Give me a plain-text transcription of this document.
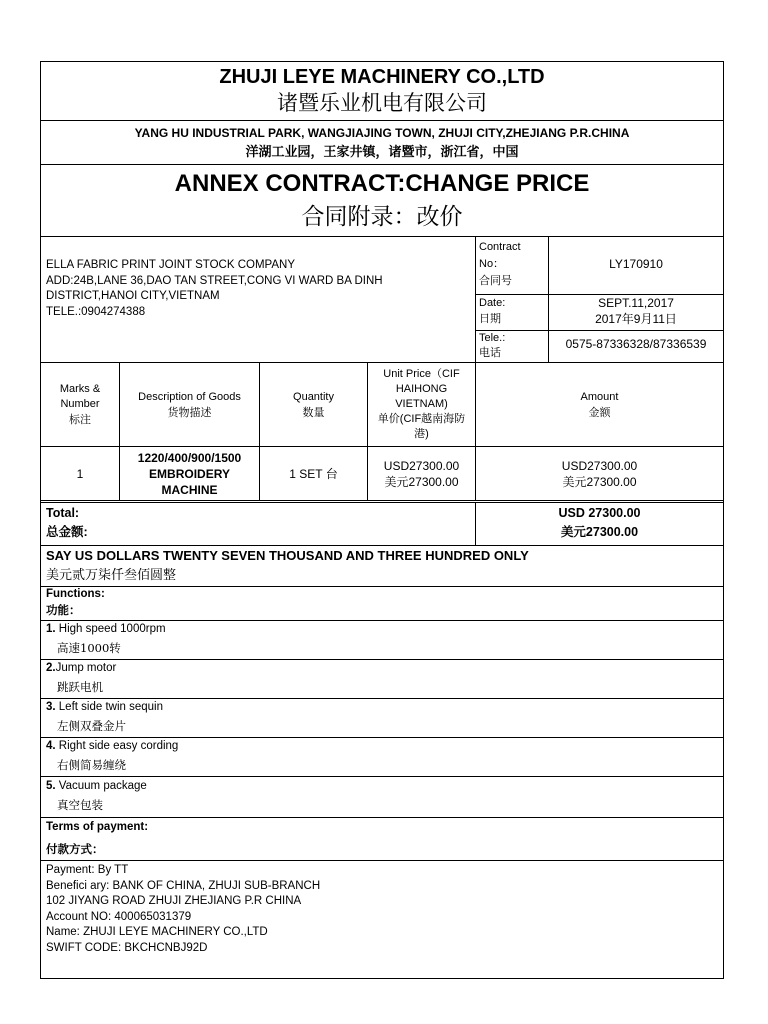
ZHUJI LEYE MACHINERY CO.,LTD
诸暨乐业机电有限公司
YANG HU INDUSTRIAL PARK, WANGJIAJING TOWN, ZHUJI CITY,ZHEJIANG P.R.CHINA
洋湖工业园，王家井镇，诸暨市，浙江省，中国
ANNEX CONTRACT:CHANGE PRICE
合同附录：改价
ELLA FABRIC PRINT JOINT STOCK COMPANY
ADD:24B,LANE 36,DAO TAN STREET,CONG VI WARD BA DINH
DISTRICT,HANOI CITY,VIETNAM
TELE.:0904274388
Contract
No：
合同号
LY170910
Date:
日期
SEPT.11,2017
2017年9月11日
Tele.:
电话
0575-87336328/87336539
Marks &
Number
标注
Description of Goods
货物描述
Quantity
数量
Unit Price（CIF
HAIHONG
VIETNAM)
单价(CIF越南海防
港)
Amount
金额
1
1220/400/900/1500
EMBROIDERY
MACHINE
1 SET 台
USD27300.00
美元27300.00
USD27300.00
美元27300.00
Total:
总金额:
USD 27300.00
美元27300.00
SAY US DOLLARS TWENTY SEVEN THOUSAND AND THREE HUNDRED ONLY
美元贰万柒仟叁佰圆整
Functions:
功能：
1. High speed 1000rpm
高速1000转
2.Jump motor
跳跃电机
3. Left side twin sequin
左侧双叠金片
4. Right side easy cording
右侧简易缠绕
5. Vacuum package
真空包装
Terms of payment:
付款方式：
Payment: By TT
Benefici ary: BANK OF CHINA, ZHUJI SUB-BRANCH
102 JIYANG ROAD ZHUJI ZHEJIANG P.R CHINA
Account NO: 400065031379
Name: ZHUJI LEYE MACHINERY CO.,LTD
SWIFT CODE: BKCHCNBJ92D
